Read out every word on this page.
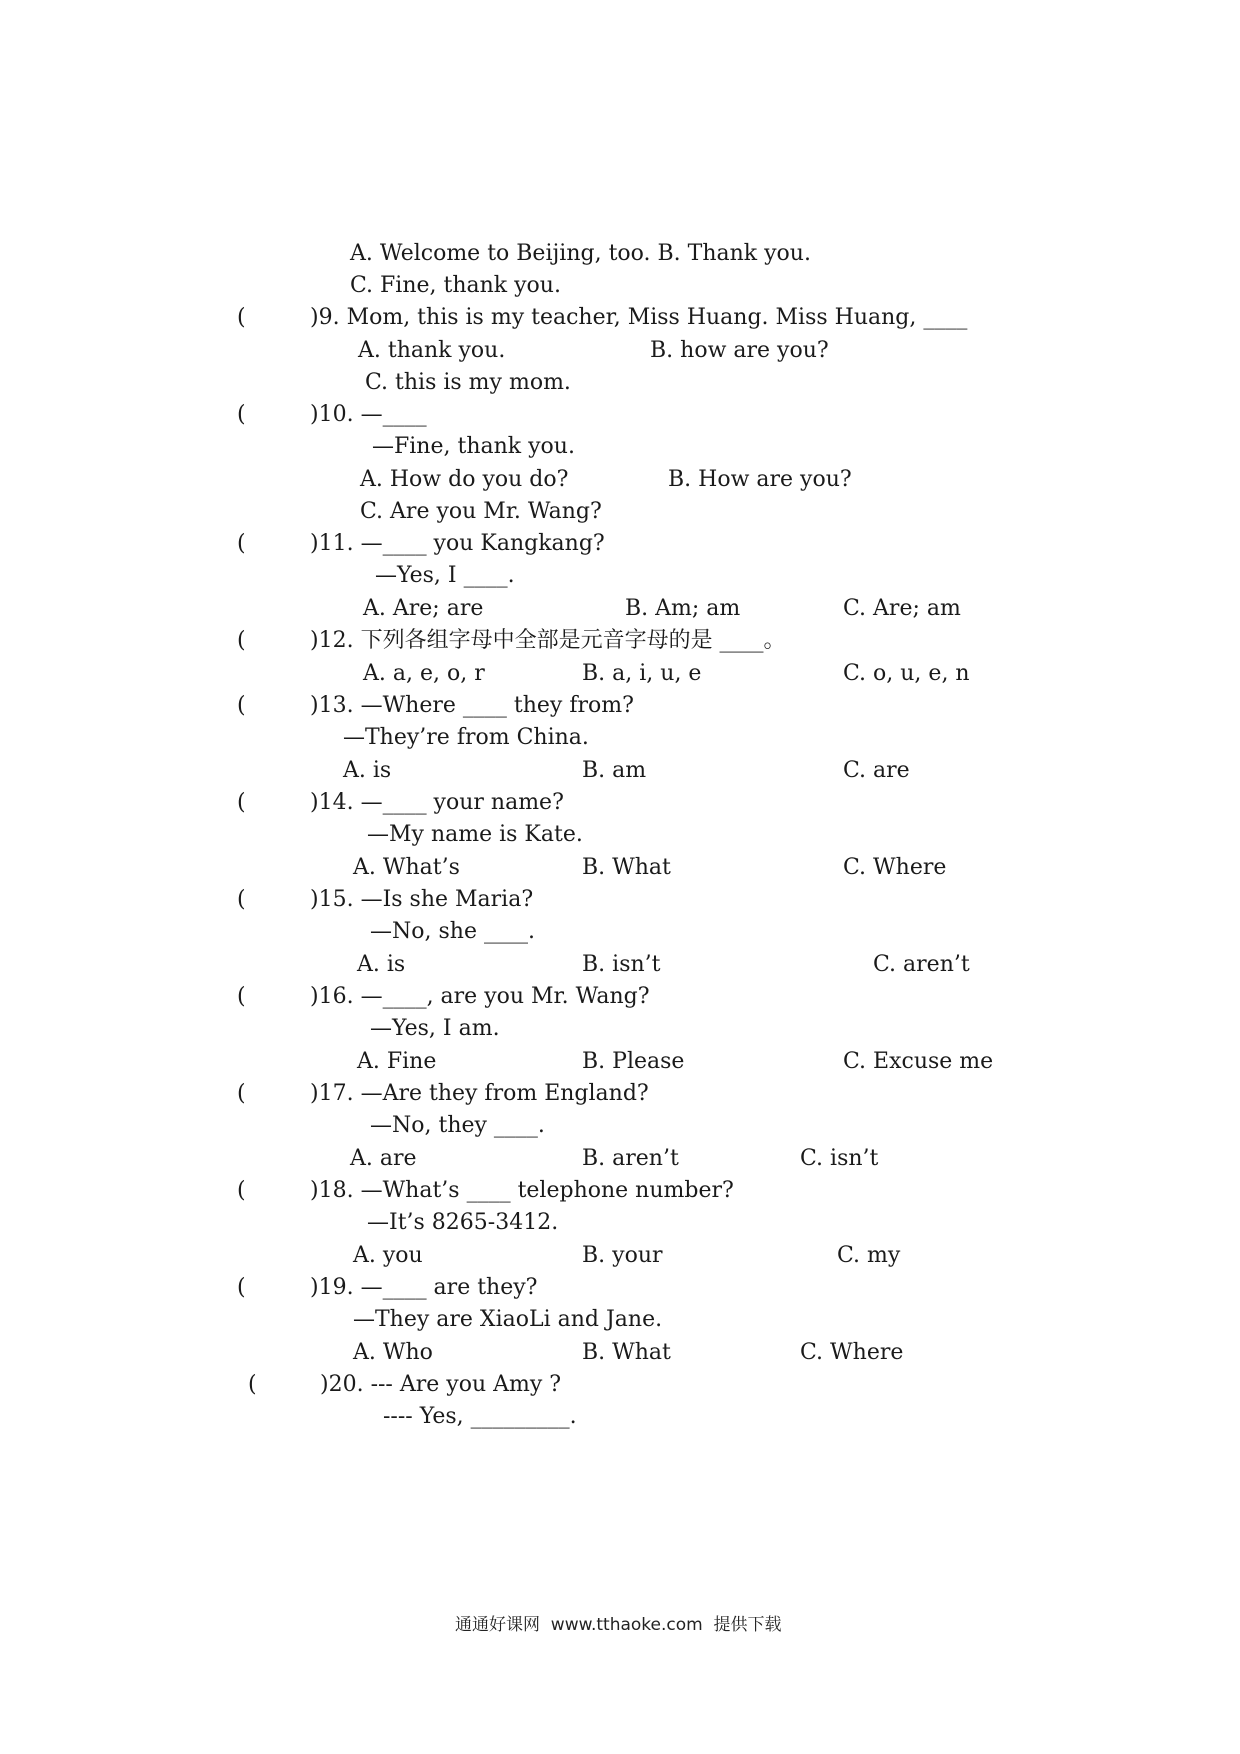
A. Welcome to Beijing, too. B. Thank you.
C. Fine, thank you.
(	)9. Mom, this is my teacher, Miss Huang. Miss Huang, ____
A. thank you.	B. how are you?
C. this is my mom.
(	)10. —____
—Fine, thank you.
A. How do you do?	B. How are you?
C. Are you Mr. Wang?
(	)11. —____ you Kangkang?
—Yes, I ____.
A. Are; are	B. Am; am	C. Are; am
(	)12. 下列各组字母中全部是元音字母的是 ____。
A. a, e, o, r	B. a, i, u, e	C. o, u, e, n
(	)13. —Where ____ they from?
—They’re from China.
A. is	B. am	C. are
(	)14. —____ your name?
—My name is Kate.
A. What’s	B. What	C. Where
(	)15. —Is she Maria?
—No, she ____.
A. is	B. isn’t	C. aren’t
(	)16. —____, are you Mr. Wang?
—Yes, I am.
A. Fine	B. Please	C. Excuse me
(	)17. —Are they from England?
—No, they ____.
A. are	B. aren’t	C. isn’t
(	)18. —What’s ____ telephone number?
—It’s 8265-3412.
A. you	B. your	C. my
(	)19. —____ are they?
—They are XiaoLi and Jane.
A. Who	B. What	C. Where
(	)20. --- Are you Amy ?
---- Yes, _________.
通通好课网  www.tthaoke.com  提供下载
